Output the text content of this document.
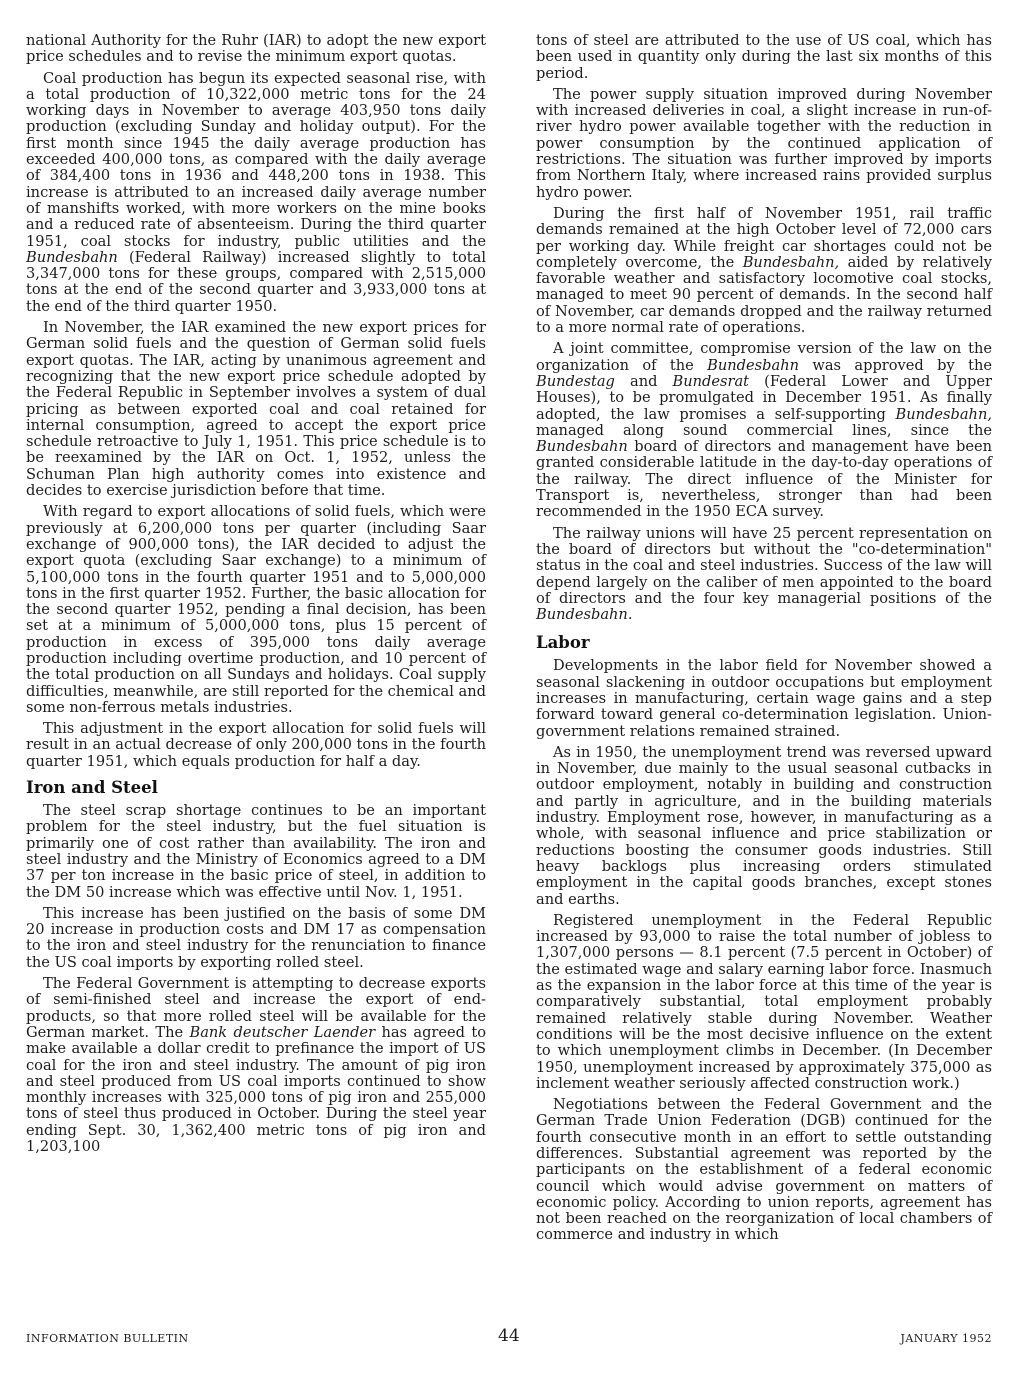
national Authority for the Ruhr (IAR) to adopt the new export price schedules and to revise the minimum export quotas.

Coal production has begun its expected seasonal rise, with a total production of 10,322,000 metric tons for the 24 working days in November to average 403,950 tons daily production (excluding Sunday and holiday output). For the first month since 1945 the daily average production has exceeded 400,000 tons, as compared with the daily average of 384,400 tons in 1936 and 448,200 tons in 1938. This increase is attributed to an increased daily average number of manshifts worked, with more workers on the mine books and a reduced rate of absenteeism. During the third quarter 1951, coal stocks for industry, public utilities and the Bundesbahn (Federal Railway) increased slightly to total 3,347,000 tons for these groups, compared with 2,515,000 tons at the end of the second quarter and 3,933,000 tons at the end of the third quarter 1950.

In November, the IAR examined the new export prices for German solid fuels and the question of German solid fuels export quotas. The IAR, acting by unanimous agreement and recognizing that the new export price schedule adopted by the Federal Republic in September involves a system of dual pricing as between exported coal and coal retained for internal consumption, agreed to accept the export price schedule retroactive to July 1, 1951. This price schedule is to be reexamined by the IAR on Oct. 1, 1952, unless the Schuman Plan high authority comes into existence and decides to exercise jurisdiction before that time.

With regard to export allocations of solid fuels, which were previously at 6,200,000 tons per quarter (including Saar exchange of 900,000 tons), the IAR decided to adjust the export quota (excluding Saar exchange) to a minimum of 5,100,000 tons in the fourth quarter 1951 and to 5,000,000 tons in the first quarter 1952. Further, the basic allocation for the second quarter 1952, pending a final decision, has been set at a minimum of 5,000,000 tons, plus 15 percent of production in excess of 395,000 tons daily average production including overtime production, and 10 percent of the total production on all Sundays and holidays. Coal supply difficulties, meanwhile, are still reported for the chemical and some non-ferrous metals industries.

This adjustment in the export allocation for solid fuels will result in an actual decrease of only 200,000 tons in the fourth quarter 1951, which equals production for half a day.

Iron and Steel

The steel scrap shortage continues to be an important problem for the steel industry, but the fuel situation is primarily one of cost rather than availability. The iron and steel industry and the Ministry of Economics agreed to a DM 37 per ton increase in the basic price of steel, in addition to the DM 50 increase which was effective until Nov. 1, 1951.

This increase has been justified on the basis of some DM 20 increase in production costs and DM 17 as compensation to the iron and steel industry for the renunciation to finance the US coal imports by exporting rolled steel.

The Federal Government is attempting to decrease exports of semi-finished steel and increase the export of end-products, so that more rolled steel will be available for the German market. The Bank deutscher Laender has agreed to make available a dollar credit to prefinance the import of US coal for the iron and steel industry. The amount of pig iron and steel produced from US coal imports continued to show monthly increases with 325,000 tons of pig iron and 255,000 tons of steel thus produced in October. During the steel year ending Sept. 30, 1,362,400 metric tons of pig iron and 1,203,100

tons of steel are attributed to the use of US coal, which has been used in quantity only during the last six months of this period.

The power supply situation improved during November with increased deliveries in coal, a slight increase in run-of-river hydro power available together with the reduction in power consumption by the continued application of restrictions. The situation was further improved by imports from Northern Italy, where increased rains provided surplus hydro power.

During the first half of November 1951, rail traffic demands remained at the high October level of 72,000 cars per working day. While freight car shortages could not be completely overcome, the Bundesbahn, aided by relatively favorable weather and satisfactory locomotive coal stocks, managed to meet 90 percent of demands. In the second half of November, car demands dropped and the railway returned to a more normal rate of operations.

A joint committee, compromise version of the law on the organization of the Bundesbahn was approved by the Bundestag and Bundesrat (Federal Lower and Upper Houses), to be promulgated in December 1951. As finally adopted, the law promises a self-supporting Bundesbahn, managed along sound commercial lines, since the Bundesbahn board of directors and management have been granted considerable latitude in the day-to-day operations of the railway. The direct influence of the Minister for Transport is, nevertheless, stronger than had been recommended in the 1950 ECA survey.

The railway unions will have 25 percent representation on the board of directors but without the "co-determination" status in the coal and steel industries. Success of the law will depend largely on the caliber of men appointed to the board of directors and the four key managerial positions of the Bundesbahn.

Labor

Developments in the labor field for November showed a seasonal slackening in outdoor occupations but employment increases in manufacturing, certain wage gains and a step forward toward general co-determination legislation. Union-government relations remained strained.

As in 1950, the unemployment trend was reversed upward in November, due mainly to the usual seasonal cutbacks in outdoor employment, notably in building and construction and partly in agriculture, and in the building materials industry. Employment rose, however, in manufacturing as a whole, with seasonal influence and price stabilization or reductions boosting the consumer goods industries. Still heavy backlogs plus increasing orders stimulated employment in the capital goods branches, except stones and earths.

Registered unemployment in the Federal Republic increased by 93,000 to raise the total number of jobless to 1,307,000 persons — 8.1 percent (7.5 percent in October) of the estimated wage and salary earning labor force. Inasmuch as the expansion in the labor force at this time of the year is comparatively substantial, total employment probably remained relatively stable during November. Weather conditions will be the most decisive influence on the extent to which unemployment climbs in December. (In December 1950, unemployment increased by approximately 375,000 as inclement weather seriously affected construction work.)

Negotiations between the Federal Government and the German Trade Union Federation (DGB) continued for the fourth consecutive month in an effort to settle outstanding differences. Substantial agreement was reported by the participants on the establishment of a federal economic council which would advise government on matters of economic policy. According to union reports, agreement has not been reached on the reorganization of local chambers of commerce and industry in which

INFORMATION BULLETIN	44	JANUARY 1952
